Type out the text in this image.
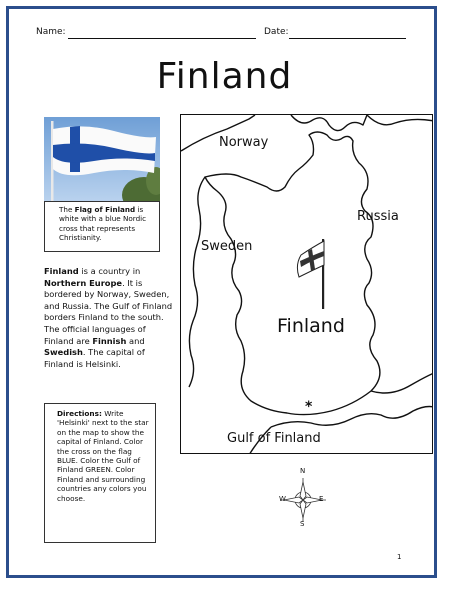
Name:	Date:
Finland
The Flag of Finland is white with a blue Nordic cross that represents Christianity.
Finland is a country in Northern Europe. It is bordered by Norway, Sweden, and Russia. The Gulf of Finland borders Finland to the south. The official languages of Finland are Finnish and Swedish. The capital of Finland is Helsinki.
Directions: Write 'Helsinki' next to the star on the map to show the capital of Finland. Color the cross on the flag BLUE. Color the Gulf of Finland GREEN. Color Finland and surrounding countries any colors you choose.
Norway
Russia
Sweden
Finland
*
Gulf of Finland
N
S
E
W
1
